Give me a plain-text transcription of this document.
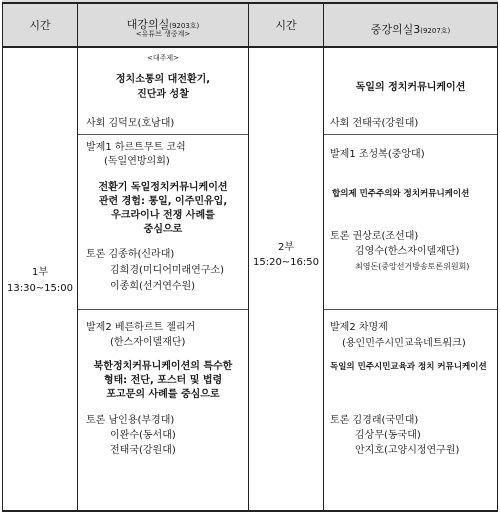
시간	대강의실(9203호)
<유튜브 생중계>
시간	중강의실3(9207호)
1부
13:30~15:00
<대주제>
정치소통의 대전환기,
진단과 성찰
사회 김덕모(호남대)
발제1 하르트무트 코쉭
(독일연방의회)
전환기 독일정치커뮤니케이션
관련 경험: 통일, 이주민유입,
우크라이나 전쟁 사례를
중심으로
토론 김종하(신라대)
김희경(미디어미래연구소)
이종희(선거연수원)
발제2 베른하르트 젤리거
(한스자이델재단)
북한정치커뮤니케이션의 특수한
형태: 전단, 포스터 및 법령
포고문의 사례를 중심으로
토론 남인용(부경대)
이완수(동서대)
전태국(강원대)
2부
15:20~16:50
독일의 정치커뮤니케이션
사회 전태국(강원대)
발제1 조성복(중앙대)
합의제 민주주의와 정치커뮤니케이션
토론 권상로(조선대)
김영수(한스자이델재단)
최영돈(중앙선거방송토론위원회)
발제2 차명제
(용인민주시민교육네트워크)
독일의 민주시민교육과 정치 커뮤니케이션
토론 김경래(국민대)
김상무(동국대)
안지호(고양시정연구원)
